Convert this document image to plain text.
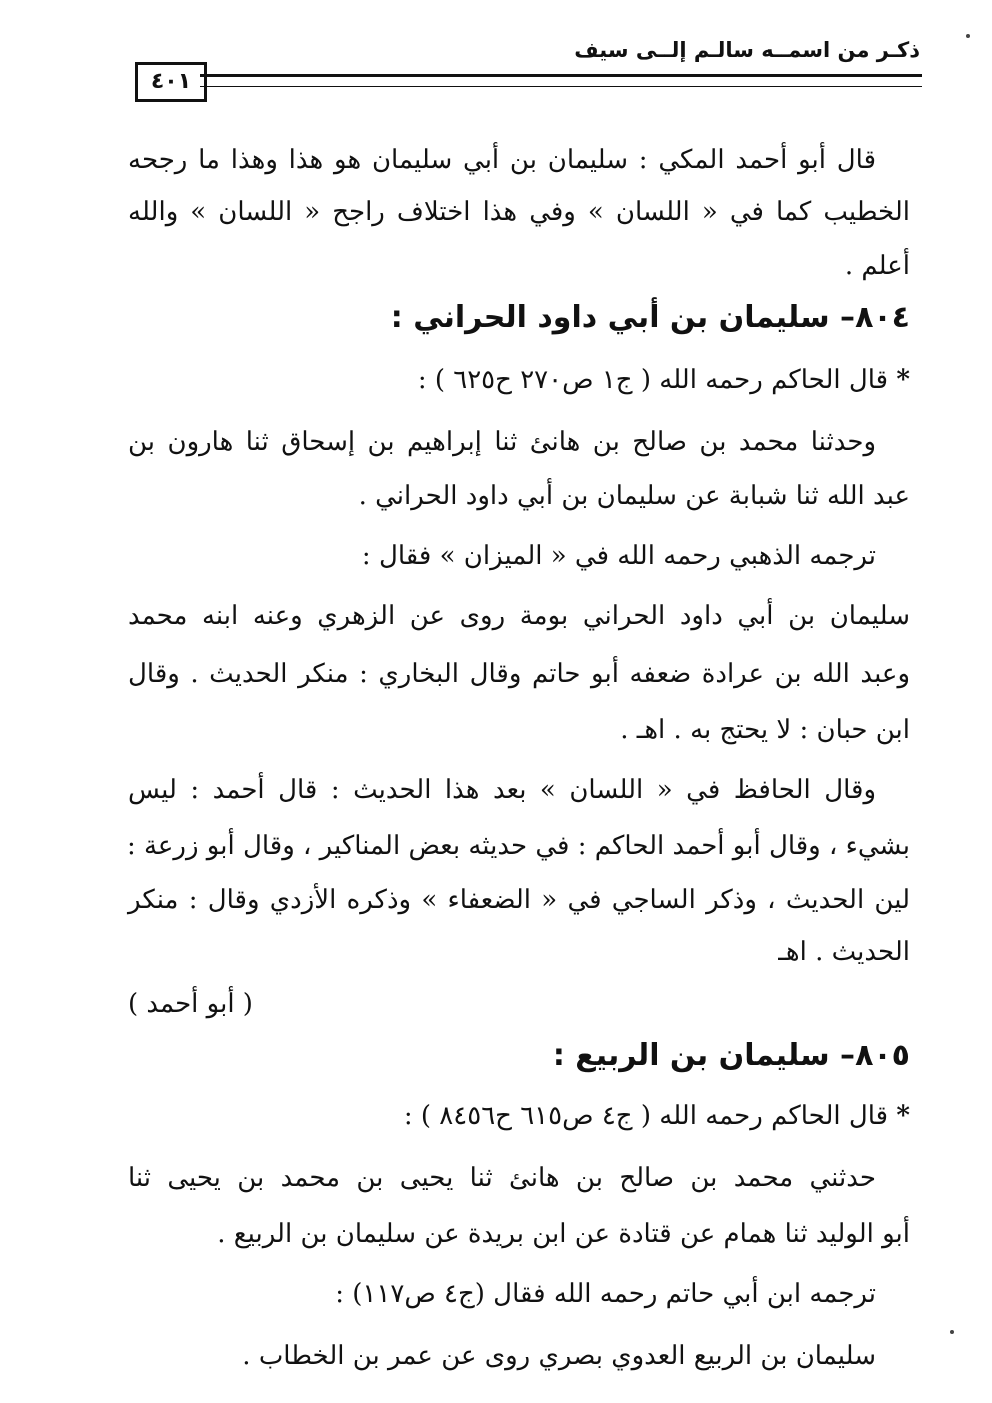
ذكـر من اسمــه سالـم إلــى سيف
٤٠١
قال أبو أحمد المكي : سليمان بن أبي سليمان هو هذا وهذا ما رجحه
الخطيب كما في « اللسان » وفي هذا اختلاف راجح « اللسان » والله
أعلم .
٨٠٤– سليمان بن أبي داود الحراني :
* قال الحاكم رحمه الله ( ج١ ص٢٧٠ ح٦٢٥ ) :
وحدثنا محمد بن صالح بن هانئ ثنا إبراهيم بن إسحاق ثنا هارون بن
عبد الله ثنا شبابة عن سليمان بن أبي داود الحراني .
ترجمه الذهبي رحمه الله في « الميزان » فقال :
سليمان بن أبي داود الحراني بومة روى عن الزهري وعنه ابنه محمد
وعبد الله بن عرادة ضعفه أبو حاتم وقال البخاري : منكر الحديث . وقال
ابن حبان : لا يحتج به . اهـ .
وقال الحافظ في « اللسان » بعد هذا الحديث : قال أحمد : ليس
بشيء ، وقال أبو أحمد الحاكم : في حديثه بعض المناكير ، وقال أبو زرعة :
لين الحديث ، وذكر الساجي في « الضعفاء » وذكره الأزدي وقال : منكر
الحديث . اهـ
( أبو أحمد )
٨٠٥– سليمان بن الربيع :
* قال الحاكم رحمه الله ( ج٤ ص٦١٥ ح٨٤٥٦ ) :
حدثني محمد بن صالح بن هانئ ثنا يحيى بن محمد بن يحيى ثنا
أبو الوليد ثنا همام عن قتادة عن ابن بريدة عن سليمان بن الربيع .
ترجمه ابن أبي حاتم رحمه الله فقال (ج٤ ص١١٧) :
سليمان بن الربيع العدوي بصري روى عن عمر بن الخطاب .
